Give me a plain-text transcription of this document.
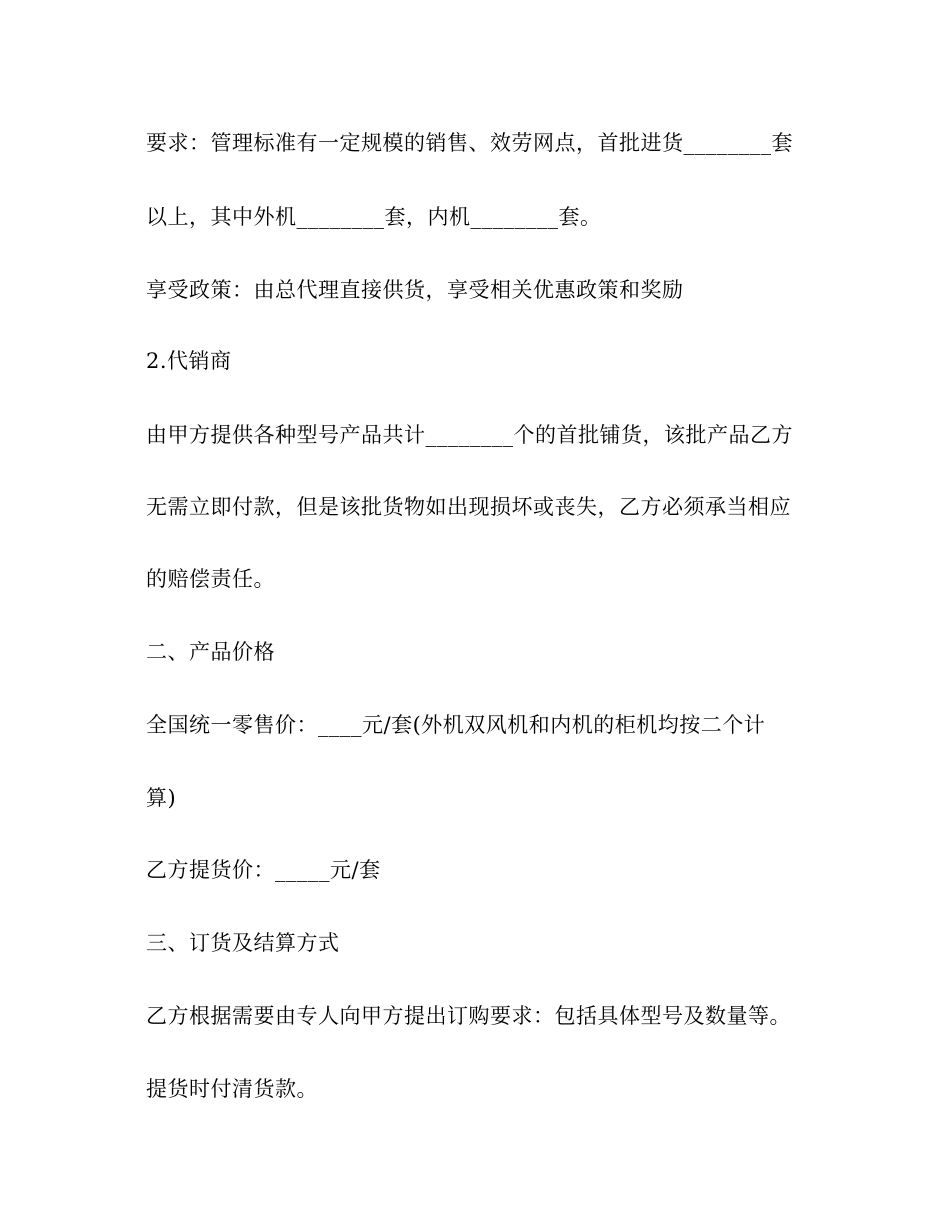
要求：管理标准有一定规模的销售、效劳网点，首批进货________套
以上，其中外机________套，内机________套。
享受政策：由总代理直接供货，享受相关优惠政策和奖励
2.代销商
由甲方提供各种型号产品共计________个的首批铺货，该批产品乙方
无需立即付款，但是该批货物如出现损坏或丧失，乙方必须承当相应
的赔偿责任。
二、产品价格
全国统一零售价：____元/套(外机双风机和内机的柜机均按二个计
算)
乙方提货价：_____元/套
三、订货及结算方式
乙方根据需要由专人向甲方提出订购要求：包括具体型号及数量等。
提货时付清货款。
